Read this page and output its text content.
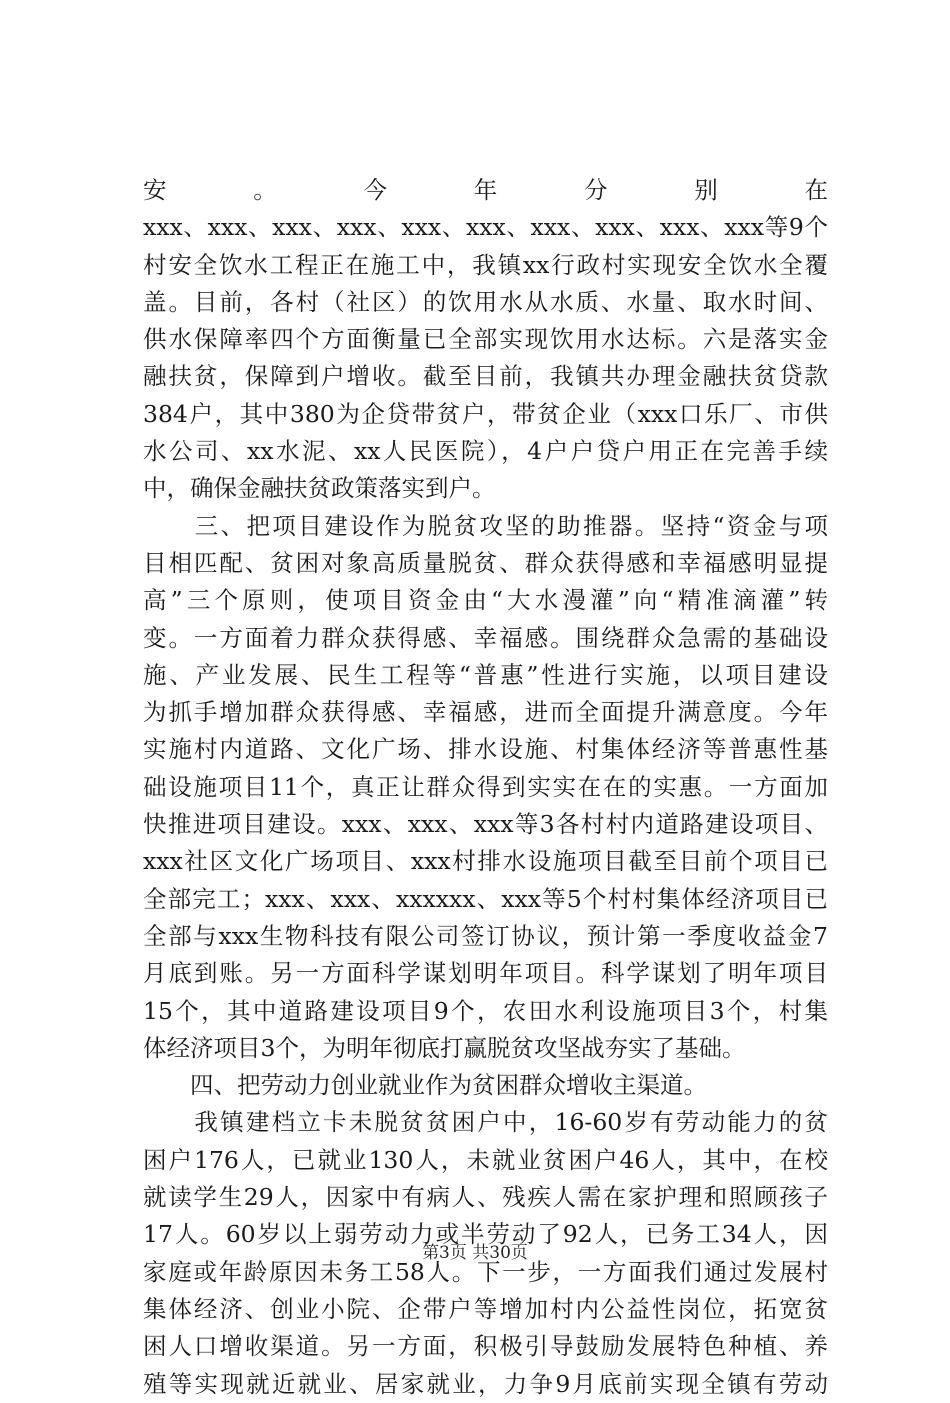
安	。	今	年	分	别	在
xxx、xxx、xxx、xxx、xxx、xxx、xxx、xxx、xxx、xxx等9个
村安全饮水工程正在施工中，我镇xx行政村实现安全饮水全覆
盖。目前，各村（社区）的饮用水从水质、水量、取水时间、
供水保障率四个方面衡量已全部实现饮用水达标。六是落实金
融扶贫，保障到户增收。截至目前，我镇共办理金融扶贫贷款
384户，其中380为企贷带贫户，带贫企业（xxx口乐厂、市供
水公司、xx水泥、xx人民医院），4户户贷户用正在完善手续
中，确保金融扶贫政策落实到户。
　　三、把项目建设作为脱贫攻坚的助推器。坚持“资金与项
目相匹配、贫困对象高质量脱贫、群众获得感和幸福感明显提
高”三个原则，使项目资金由“大水漫灌”向“精准滴灌”转
变。一方面着力群众获得感、幸福感。围绕群众急需的基础设
施、产业发展、民生工程等“普惠”性进行实施，以项目建设
为抓手增加群众获得感、幸福感，进而全面提升满意度。今年
实施村内道路、文化广场、排水设施、村集体经济等普惠性基
础设施项目11个，真正让群众得到实实在在的实惠。一方面加
快推进项目建设。xxx、xxx、xxx等3各村村内道路建设项目、
xxx社区文化广场项目、xxx村排水设施项目截至目前个项目已
全部完工；xxx、xxx、xxxxxx、xxx等5个村村集体经济项目已
全部与xxx生物科技有限公司签订协议，预计第一季度收益金7
月底到账。另一方面科学谋划明年项目。科学谋划了明年项目
15个，其中道路建设项目9个，农田水利设施项目3个，村集
体经济项目3个，为明年彻底打赢脱贫攻坚战夯实了基础。
　　四、把劳动力创业就业作为贫困群众增收主渠道。
　　我镇建档立卡未脱贫贫困户中，16-60岁有劳动能力的贫
困户176人，已就业130人，未就业贫困户46人，其中，在校
就读学生29人，因家中有病人、残疾人需在家护理和照顾孩子
17人。60岁以上弱劳动力或半劳动了92人，已务工34人，因
家庭或年龄原因未务工58人。下一步，一方面我们通过发展村
集体经济、创业小院、企带户等增加村内公益性岗位，拓宽贫
困人口增收渠道。另一方面，积极引导鼓励发展特色种植、养
殖等实现就近就业、居家就业，力争9月底前实现全镇有劳动
第3页 共30页
